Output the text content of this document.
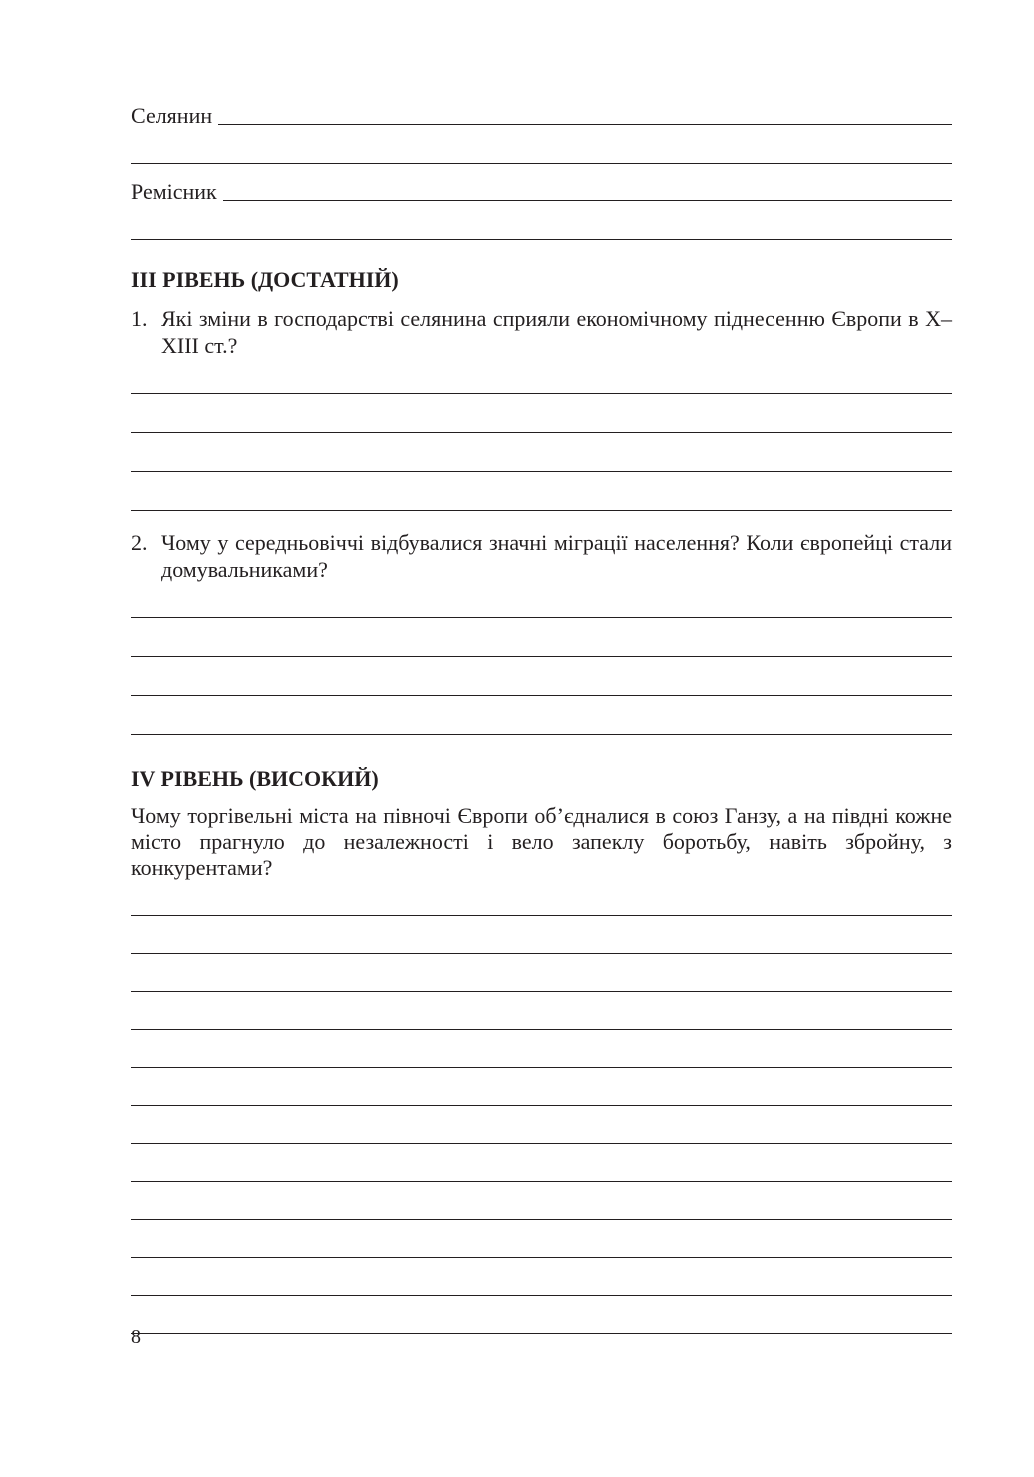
Селянин
Ремісник
III РІВЕНЬ (ДОСТАТНІЙ)
1. Які зміни в господарстві селянина сприяли економічному піднесенню Європи в Х–ХІІІ ст.?
2. Чому у середньовіччі відбувалися значні міграції населення? Коли європейці стали домувальниками?
IV РІВЕНЬ (ВИСОКИЙ)

Чому торгівельні міста на півночі Європи об’єдналися в союз Ганзу, а на півдні кожне місто прагнуло до незалежності і вело запеклу боротьбу, навіть збройну, з конкурентами?

8
